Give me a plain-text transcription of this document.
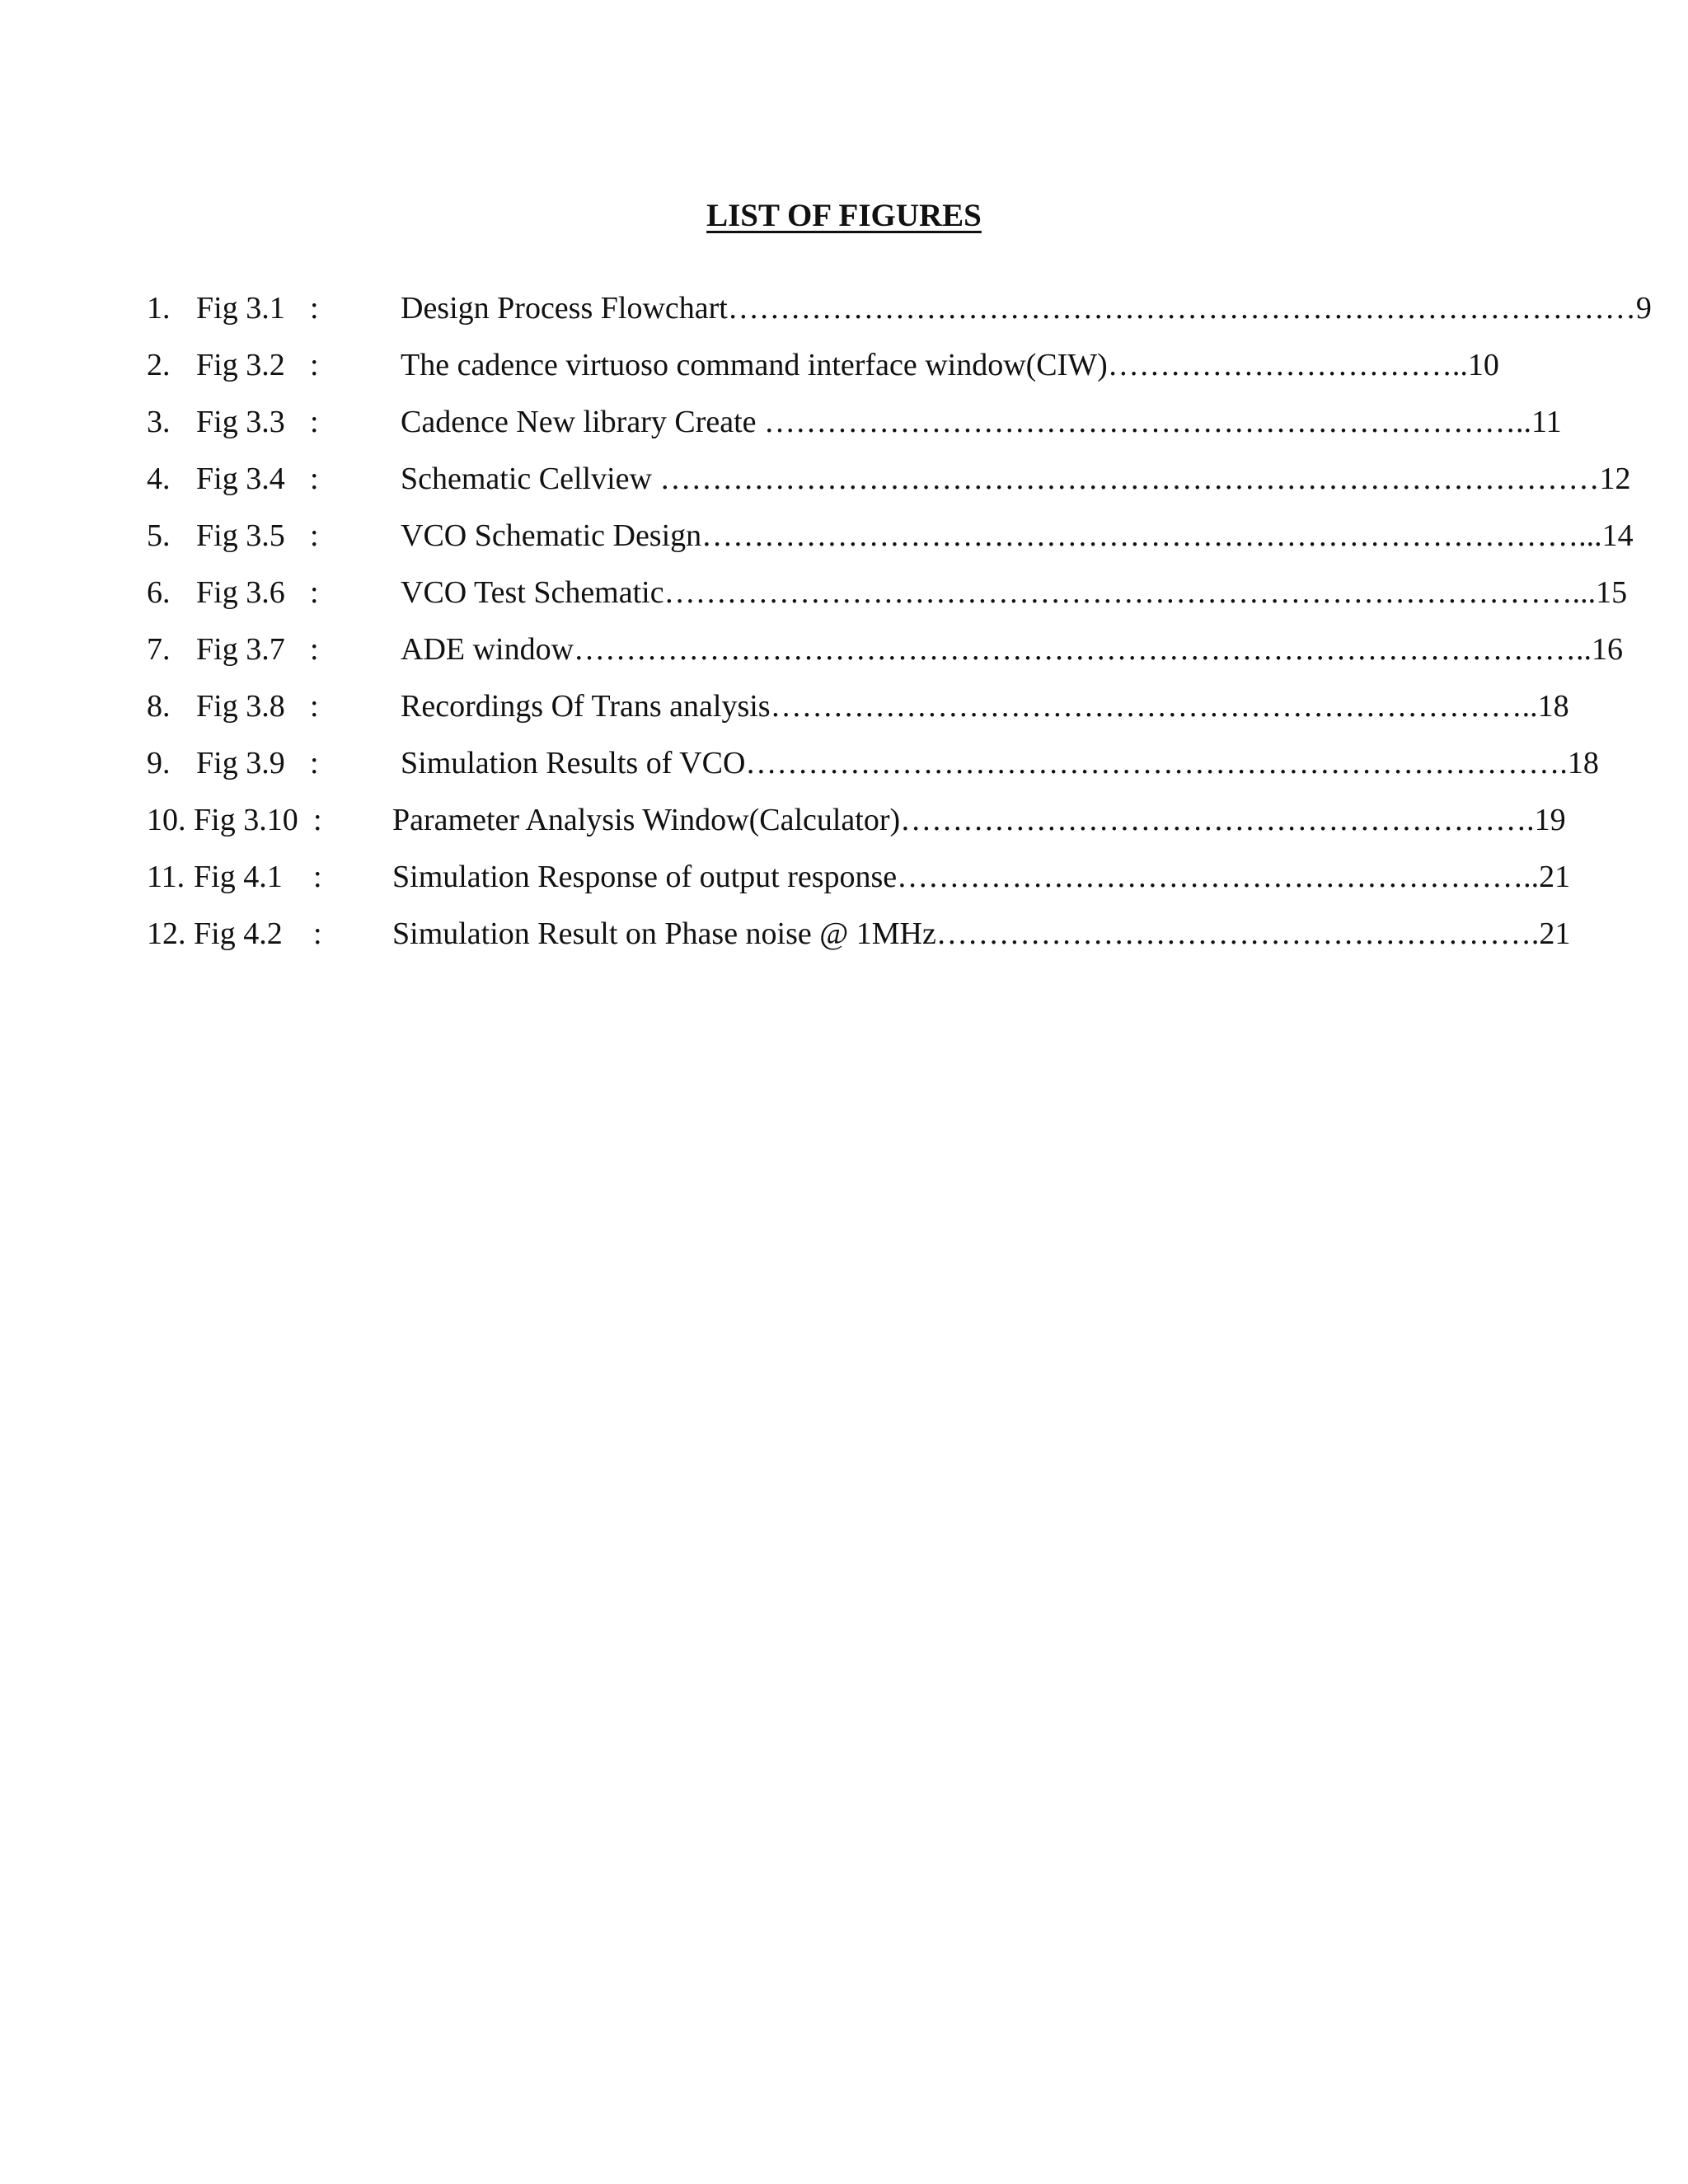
LIST OF FIGURES
1. Fig 3.1 :	Design Process Flowchart……………………………………………………………………………9
2. Fig 3.2 :	The cadence virtuoso command interface window(CIW)……………………………..10
3. Fig 3.3 :	Cadence New library Create ………………………………………………………………..11
4. Fig 3.4 :	Schematic Cellview ………………………………………………………………………………12
5. Fig 3.5 :	VCO Schematic Design…………………………………………………………………………...14
6. Fig 3.6 :	VCO Test Schematic……………………………………………………………………………...15
7. Fig 3.7 :	ADE window……………………………………………………………………………………..16
8. Fig 3.8 :	Recordings Of Trans analysis………………………………………………………………..18
9. Fig 3.9 :	Simulation Results of VCO…………………………………………………………………….18
10. Fig 3.10 : Parameter Analysis Window(Calculator)…………………………………………………….19
11. Fig 4.1 : Simulation Response of output response……………………………………………………..21
12. Fig 4.2 : Simulation Result on Phase noise @ 1MHz………………………………………………….21
